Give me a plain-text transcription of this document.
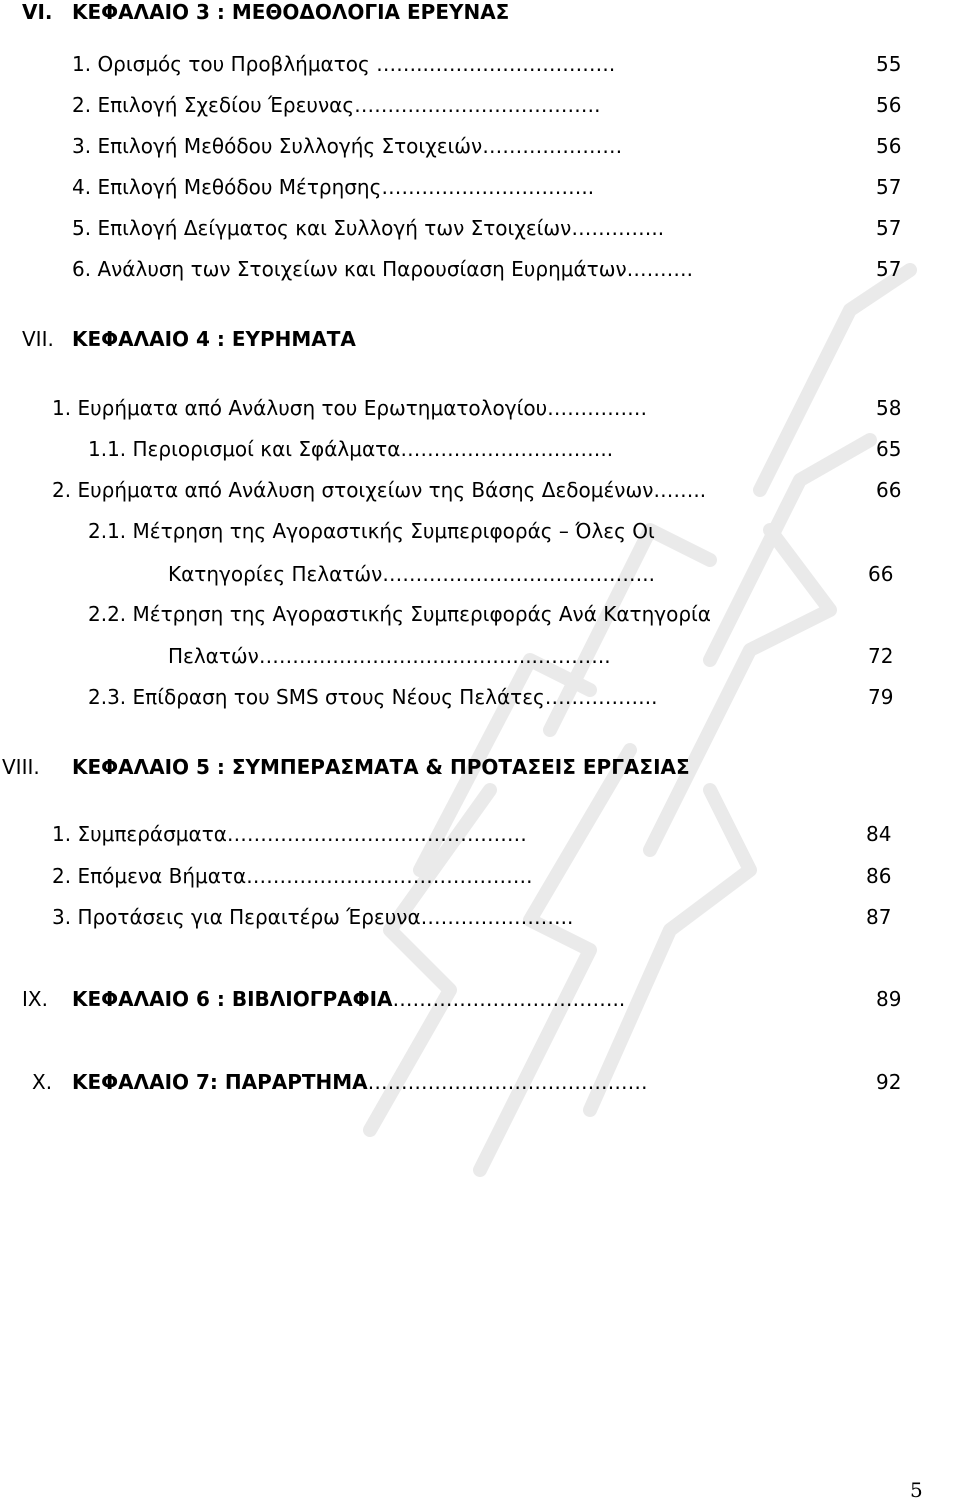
VI. ΚΕΦΑΛΑΙΟ 3 : ΜΕΘΟΔΟΛΟΓΙΑ ΕΡΕΥΝΑΣ
1. Ορισμός του Προβλήματος ……..……………………….	55
2. Επιλογή Σχεδίου Έρευνας……………………………….	56
3. Επιλογή Μεθόδου Συλλογής Στοιχειών…………………	56
4. Επιλογή Μεθόδου Μέτρησης…………………………..	57
5. Επιλογή Δείγματος και Συλλογή των Στοιχείων…………..	57
6. Ανάλυση των Στοιχείων και Παρουσίαση Ευρημάτων……….	57
VII. ΚΕΦΑΛΑΙΟ 4 : ΕΥΡΗΜΑΤΑ
1. Ευρήματα από Ανάλυση του Ερωτηματολογίου……………	58
1.1. Περιορισμοί και Σφάλματα…………………………..	65
2. Ευρήματα από Ανάλυση στοιχείων της Βάσης Δεδομένων……..	66
2.1. Μέτρηση της Αγοραστικής Συμπεριφοράς – Όλες Οι
Κατηγορίες Πελατών…………………………………..	66
2.2. Μέτρηση της Αγοραστικής Συμπεριφοράς Ανά Κατηγορία
Πελατών…………………………………...………..	72
2.3. Επίδραση του SMS στους Νέους Πελάτες……………..	79
VIII. ΚΕΦΑΛΑΙΟ 5 : ΣΥΜΠΕΡΑΣΜΑΤΑ & ΠΡΟΤΑΣΕΙΣ ΕΡΓΑΣΙΑΣ
1. Συμπεράσματα………………………………………	84
2. Επόμενα Βήματα…………………………………….	86
3. Προτάσεις για Περαιτέρω Έρευνα…………………..	87
IX. ΚΕΦΑΛΑΙΟ 6 : ΒΙΒΛΙΟΓΡΑΦΙΑ……………………………..	89
X. ΚΕΦΑΛΑΙΟ 7: ΠΑΡΑΡΤΗΜΑ……………………………………	92
5
